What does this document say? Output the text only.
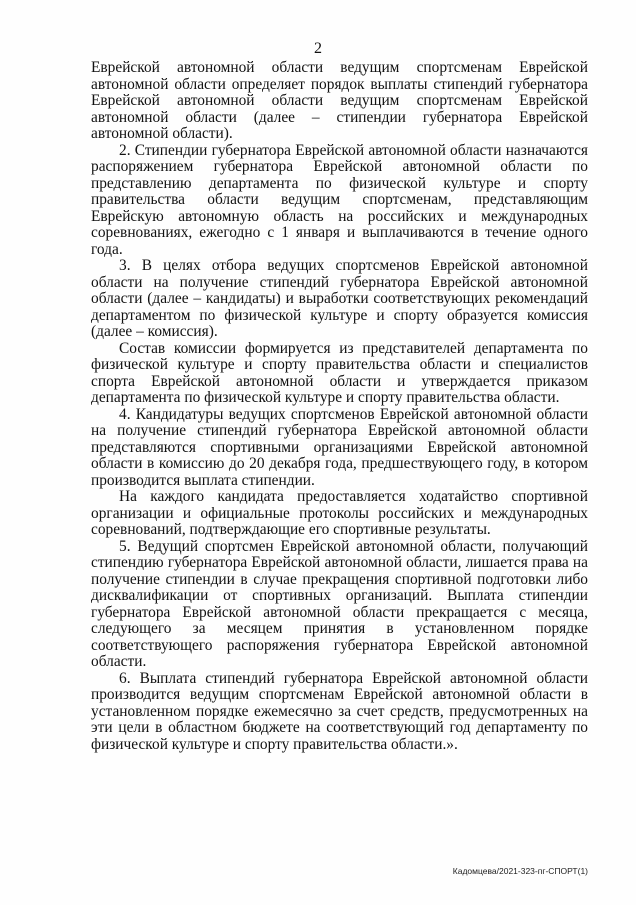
2

Еврейской автономной области ведущим спортсменам Еврейской автономной области определяет порядок выплаты стипендий губернатора Еврейской автономной области ведущим спортсменам Еврейской автономной области (далее – стипендии губернатора Еврейской автономной области).

2. Стипендии губернатора Еврейской автономной области назначаются распоряжением губернатора Еврейской автономной области по представлению департамента по физической культуре и спорту правительства области ведущим спортсменам, представляющим Еврейскую автономную область на российских и международных соревнованиях, ежегодно с 1 января и выплачиваются в течение одного года.

3. В целях отбора ведущих спортсменов Еврейской автономной области на получение стипендий губернатора Еврейской автономной области (далее – кандидаты) и выработки соответствующих рекомендаций департаментом по физической культуре и спорту образуется комиссия (далее – комиссия).

Состав комиссии формируется из представителей департамента по физической культуре и спорту правительства области и специалистов спорта Еврейской автономной области и утверждается приказом департамента по физической культуре и спорту правительства области.

4. Кандидатуры ведущих спортсменов Еврейской автономной области на получение стипендий губернатора Еврейской автономной области представляются спортивными организациями Еврейской автономной области в комиссию до 20 декабря года, предшествующего году, в котором производится выплата стипендии.

На каждого кандидата предоставляется ходатайство спортивной организации и официальные протоколы российских и международных соревнований, подтверждающие его спортивные результаты.

5. Ведущий спортсмен Еврейской автономной области, получающий стипендию губернатора Еврейской автономной области, лишается права на получение стипендии в случае прекращения спортивной подготовки либо дисквалификации от спортивных организаций. Выплата стипендии губернатора Еврейской автономной области прекращается с месяца, следующего за месяцем принятия в установленном порядке соответствующего распоряжения губернатора Еврейской автономной области.

6. Выплата стипендий губернатора Еврейской автономной области производится ведущим спортсменам Еврейской автономной области в установленном порядке ежемесячно за счет средств, предусмотренных на эти цели в областном бюджете на соответствующий год департаменту по физической культуре и спорту правительства области.».

Кадомцева/2021-323-пг-СПОРТ(1)
